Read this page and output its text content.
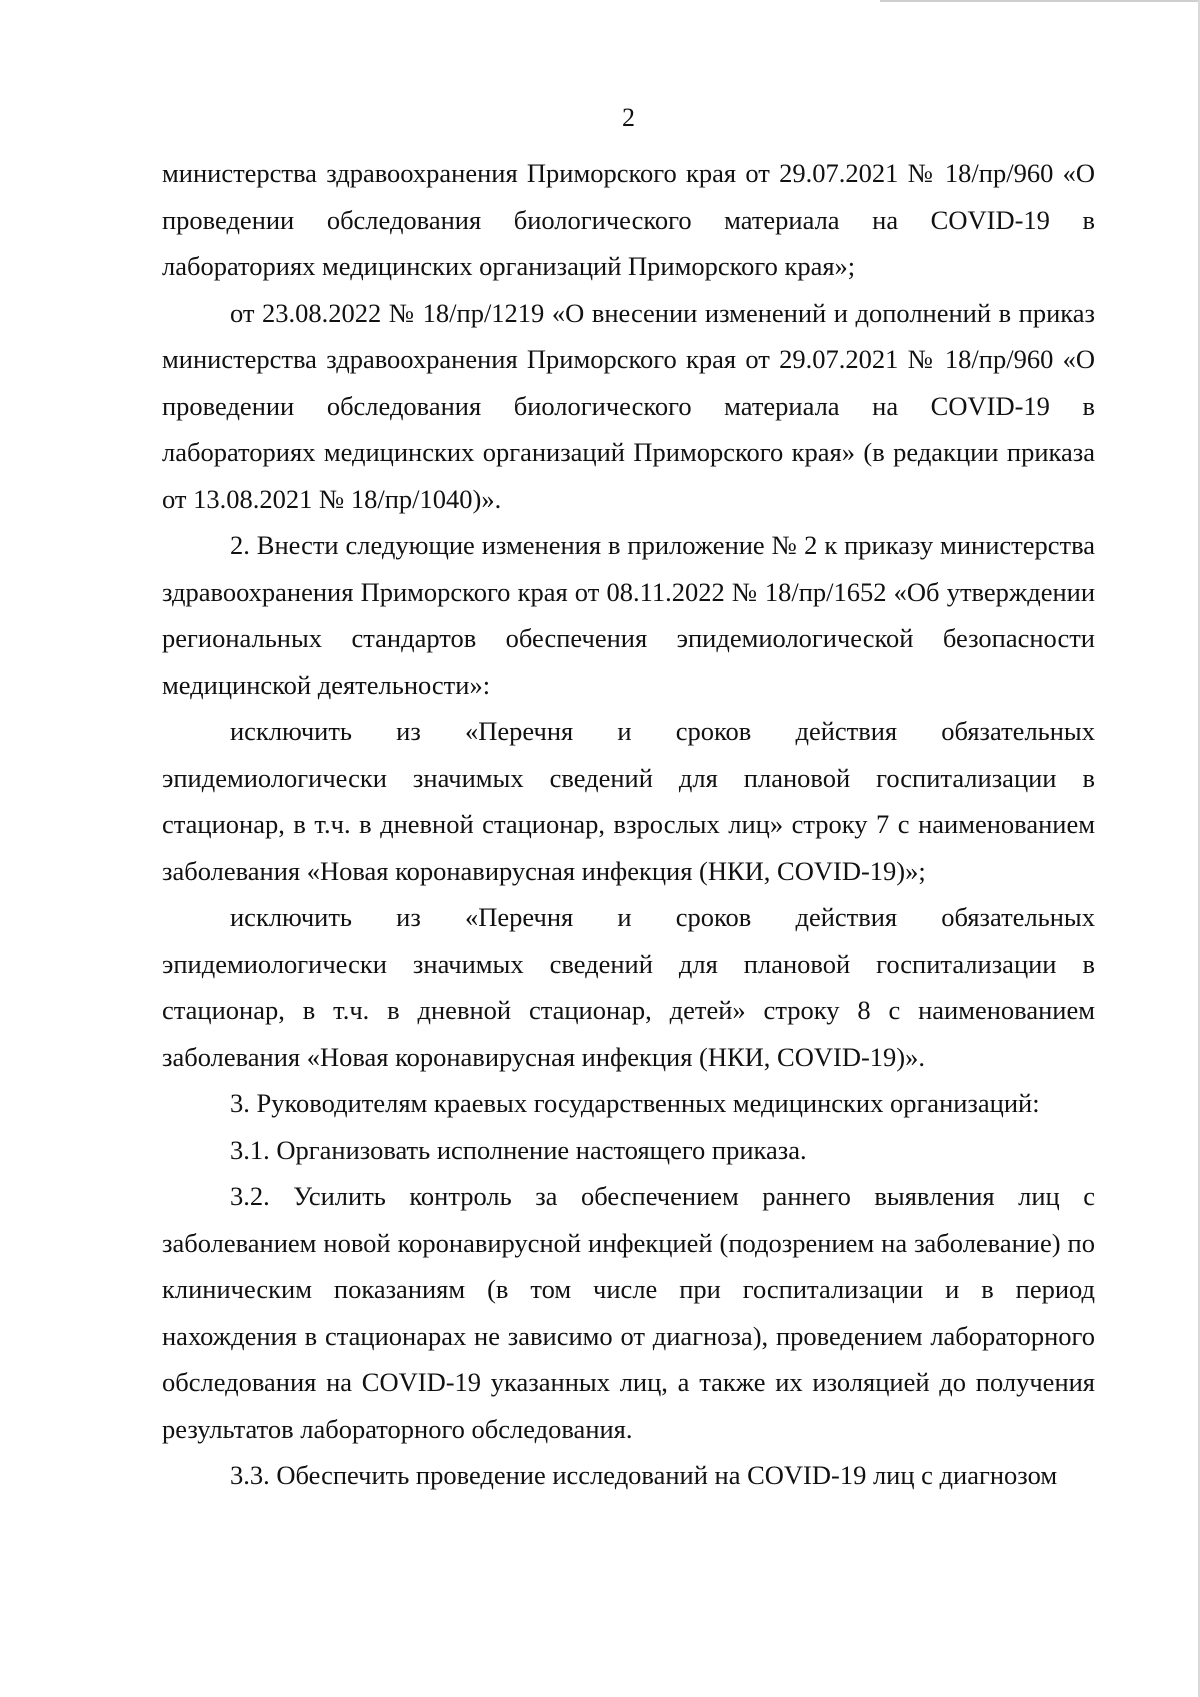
2

министерства здравоохранения Приморского края от 29.07.2021 № 18/пр/960 «О проведении обследования биологического материала на COVID-19 в лабораториях медицинских организаций Приморского края»;

от 23.08.2022 № 18/пр/1219 «О внесении изменений и дополнений в приказ министерства здравоохранения Приморского края от 29.07.2021 № 18/пр/960 «О проведении обследования биологического материала на COVID-19 в лабораториях медицинских организаций Приморского края» (в редакции приказа от 13.08.2021 № 18/пр/1040)».

2. Внести следующие изменения в приложение № 2 к приказу министерства здравоохранения Приморского края от 08.11.2022 № 18/пр/1652 «Об утверждении региональных стандартов обеспечения эпидемиологической безопасности медицинской деятельности»:

исключить из «Перечня и сроков действия обязательных эпидемиологически значимых сведений для плановой госпитализации в стационар, в т.ч. в дневной стационар, взрослых лиц» строку 7 с наименованием заболевания «Новая коронавирусная инфекция (НКИ, COVID-19)»;

исключить из «Перечня и сроков действия обязательных эпидемиологически значимых сведений для плановой госпитализации в стационар, в т.ч. в дневной стационар, детей» строку 8 с наименованием заболевания «Новая коронавирусная инфекция (НКИ, COVID-19)».

3. Руководителям краевых государственных медицинских организаций:

3.1. Организовать исполнение настоящего приказа.

3.2. Усилить контроль за обеспечением раннего выявления лиц с заболеванием новой коронавирусной инфекцией (подозрением на заболевание) по клиническим показаниям (в том числе при госпитализации и в период нахождения в стационарах не зависимо от диагноза), проведением лабораторного обследования на COVID-19 указанных лиц, а также их изоляцией до получения результатов лабораторного обследования.

3.3. Обеспечить проведение исследований на COVID-19 лиц с диагнозом
